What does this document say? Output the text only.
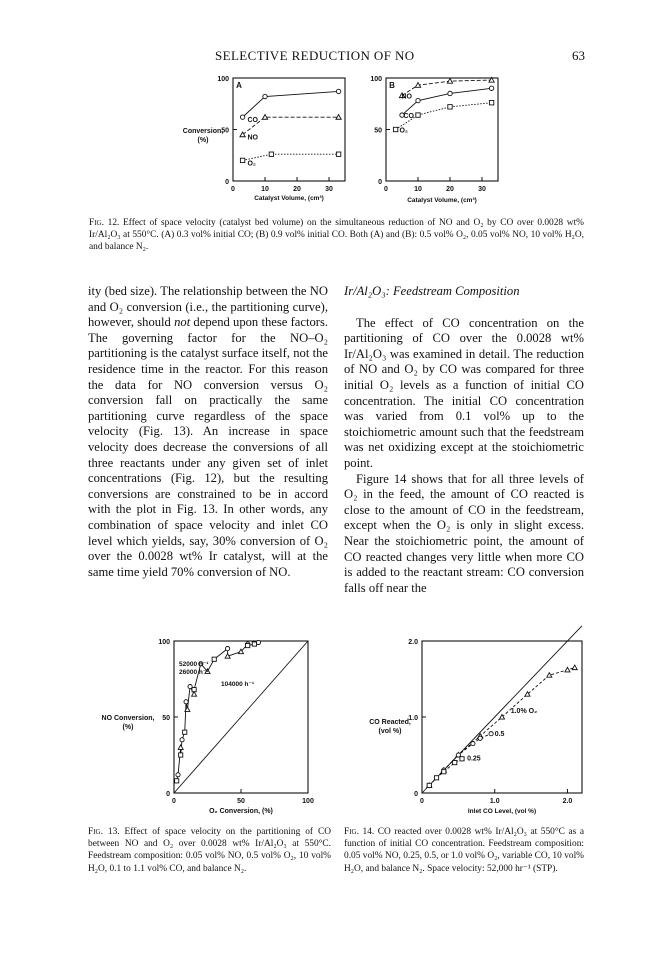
SELECTIVE REDUCTION OF NO	63
0
50
100
0	10	20	30
A
Conversion,
(%)
Catalyst Volume, (cm³)
CO
NO
O₂
0
50
100
0	10	20	30
B
Catalyst Volume, (cm³)
NO
CO
O₂
Fig. 12. Effect of space velocity (catalyst bed volume) on the simultaneous reduction of NO and O₂ by CO over 0.0028 wt% Ir/Al₂O₃ at 550°C. (A) 0.3 vol% initial CO; (B) 0.9 vol% initial CO. Both (A) and (B): 0.5 vol% O₂, 0.05 vol% NO, 10 vol% H₂O, and balance N₂.

ity (bed size). The relationship between the NO and O₂ conversion (i.e., the partitioning curve), however, should not depend upon these factors. The governing factor for the NO–O₂ partitioning is the catalyst surface itself, not the residence time in the reactor. For this reason the data for NO conversion versus O₂ conversion fall on practically the same partitioning curve regardless of the space velocity (Fig. 13). An increase in space velocity does decrease the conversions of all three reactants under any given set of inlet concentrations (Fig. 12), but the resulting conversions are constrained to be in accord with the plot in Fig. 13. In other words, any combination of space velocity and inlet CO level which yields, say, 30% conversion of O₂ over the 0.0028 wt% Ir catalyst, will at the same time yield 70% conversion of NO.

Ir/Al₂O₃: Feedstream Composition

The effect of CO concentration on the partitioning of CO over the 0.0028 wt% Ir/Al₂O₃ was examined in detail. The reduction of NO and O₂ by CO was compared for three initial O₂ levels as a function of initial CO concentration. The initial CO concentration was varied from 0.1 vol% up to the stoichiometric amount such that the feedstream was net oxidizing except at the stoichiometric point.

Figure 14 shows that for all three levels of O₂ in the feed, the amount of CO reacted is close to the amount of CO in the feedstream, except when the O₂ is only in slight excess. Near the stoichiometric point, the amount of CO reacted changes very little when more CO is added to the reactant stream: CO conversion falls off near the

0
50
100
0	50	100
NO Conversion,
(%)
O₂ Conversion, (%)
52000 h⁻¹
26000 h⁻¹
104000 h⁻¹
0
1.0
2.0
0	1.0	2.0
CO Reacted,
(vol %)
Inlet CO Level, (vol %)
1.0% O₂
0.5
0.25
Fig. 13. Effect of space velocity on the partitioning of CO between NO and O₂ over 0.0028 wt% Ir/Al₂O₃ at 550°C. Feedstream composition: 0.05 vol% NO, 0.5 vol% O₂, 10 vol% H₂O, 0.1 to 1.1 vol% CO, and balance N₂.
Fig. 14. CO reacted over 0.0028 wt% Ir/Al₂O₃ at 550°C as a function of initial CO concentration. Feedstream composition: 0.05 vol% NO, 0.25, 0.5, or 1.0 vol% O₂, variable CO, 10 vol% H₂O, and balance N₂. Space velocity: 52,000 hr⁻¹ (STP).
